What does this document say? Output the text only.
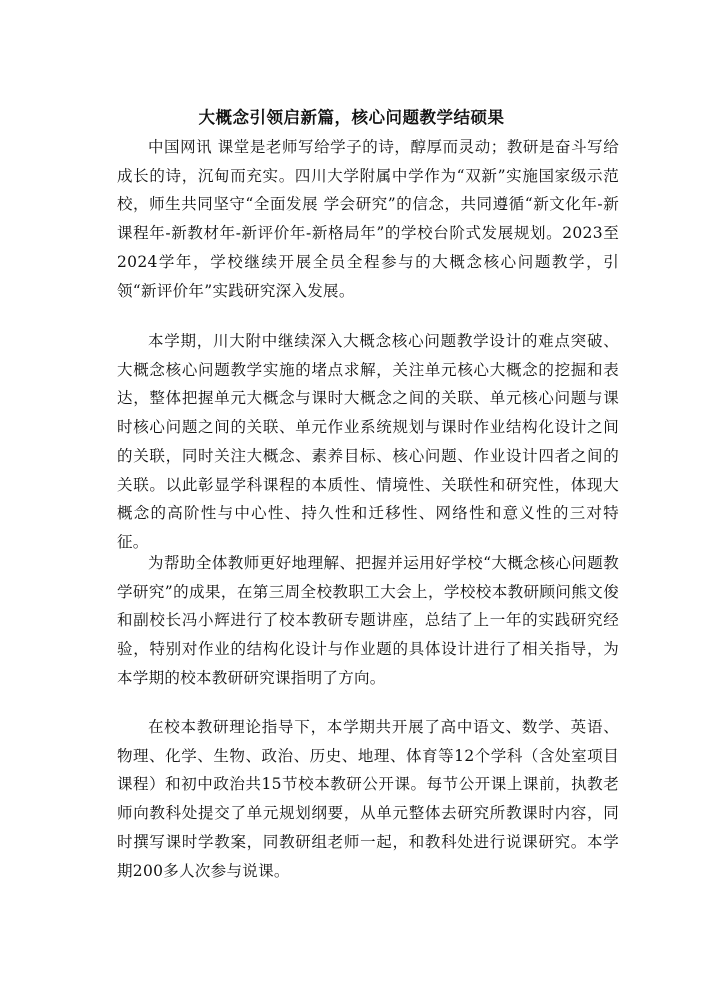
大概念引领启新篇，核心问题教学结硕果

中国网讯 课堂是老师写给学子的诗，醇厚而灵动；教研是奋斗写给成长的诗，沉甸而充实。四川大学附属中学作为“双新”实施国家级示范校，师生共同坚守“全面发展 学会研究”的信念，共同遵循“新文化年-新课程年-新教材年-新评价年-新格局年”的学校台阶式发展规划。2023至2024学年，学校继续开展全员全程参与的大概念核心问题教学，引领“新评价年”实践研究深入发展。

本学期，川大附中继续深入大概念核心问题教学设计的难点突破、大概念核心问题教学实施的堵点求解，关注单元核心大概念的挖掘和表达，整体把握单元大概念与课时大概念之间的关联、单元核心问题与课时核心问题之间的关联、单元作业系统规划与课时作业结构化设计之间的关联，同时关注大概念、素养目标、核心问题、作业设计四者之间的关联。以此彰显学科课程的本质性、情境性、关联性和研究性，体现大概念的高阶性与中心性、持久性和迁移性、网络性和意义性的三对特征。

为帮助全体教师更好地理解、把握并运用好学校“大概念核心问题教学研究”的成果，在第三周全校教职工大会上，学校校本教研顾问熊文俊和副校长冯小辉进行了校本教研专题讲座，总结了上一年的实践研究经验，特别对作业的结构化设计与作业题的具体设计进行了相关指导，为本学期的校本教研研究课指明了方向。

在校本教研理论指导下，本学期共开展了高中语文、数学、英语、物理、化学、生物、政治、历史、地理、体育等12个学科（含处室项目课程）和初中政治共15节校本教研公开课。每节公开课上课前，执教老师向教科处提交了单元规划纲要，从单元整体去研究所教课时内容，同时撰写课时学教案，同教研组老师一起，和教科处进行说课研究。本学期200多人次参与说课。
